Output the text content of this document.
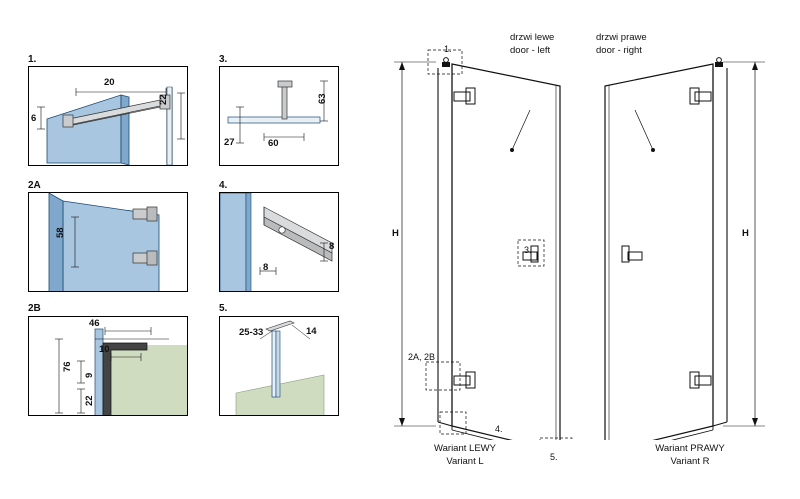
1.
20
6
22
2A
58
2B
46
10
76
9
22
3.
63
27	60
4.
8
8
5.
25-33	14
1.
3.
2A, 2B
4.
5.
H
drzwi lewe
door - left
Wariant LEWY
Variant L
H
drzwi prawe
door - right
Wariant PRAWY
Variant R
